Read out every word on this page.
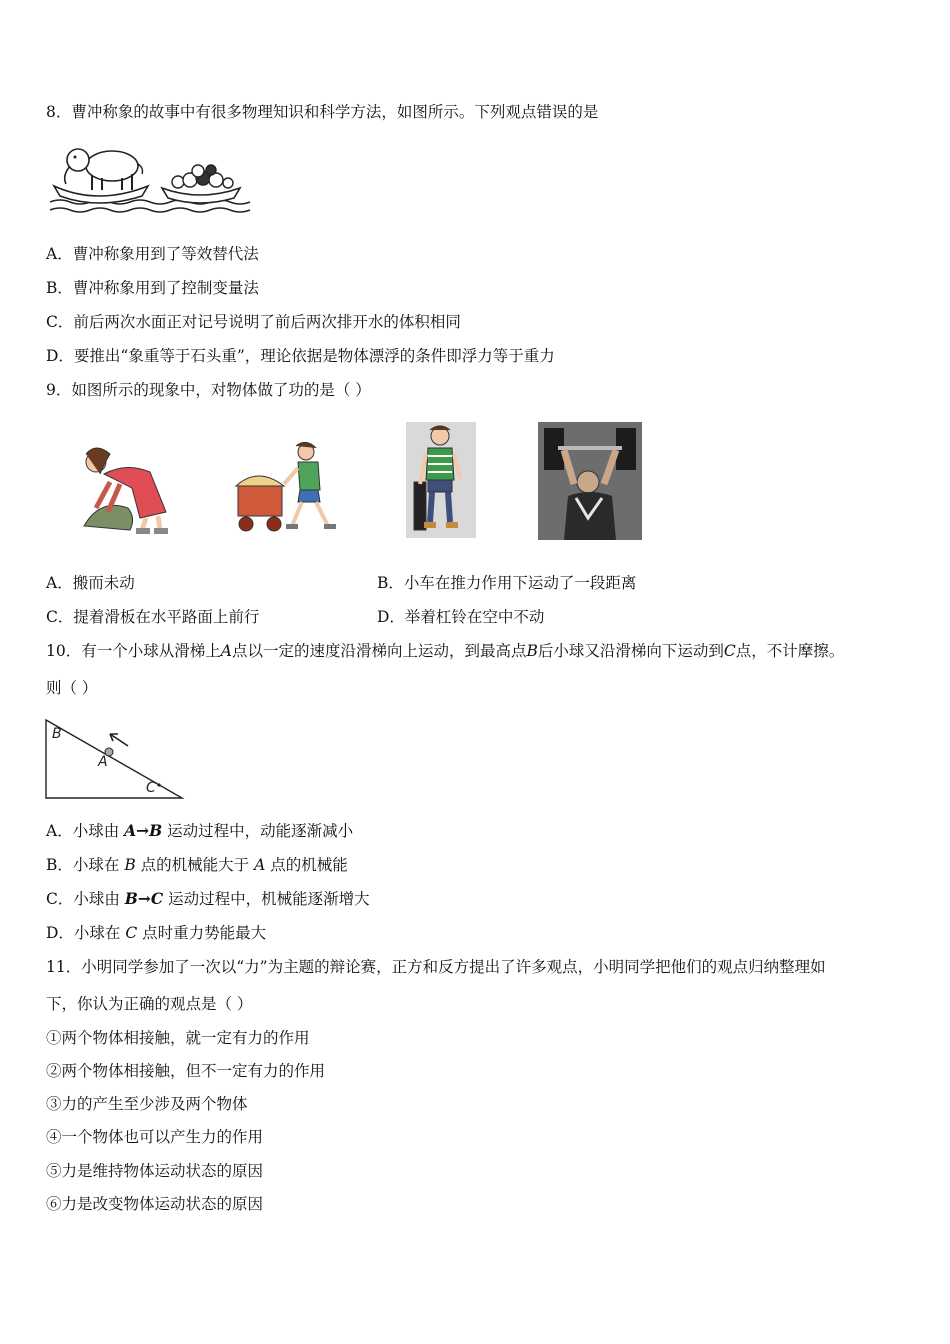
8．曹冲称象的故事中有很多物理知识和科学方法，如图所示。下列观点错误的是
A．曹冲称象用到了等效替代法
B．曹冲称象用到了控制变量法
C．前后两次水面正对记号说明了前后两次排开水的体积相同
D．要推出“象重等于石头重”，理论依据是物体漂浮的条件即浮力等于重力
9．如图所示的现象中，对物体做了功的是（ ）
A．搬而未动	B．小车在推力作用下运动了一段距离
C．提着滑板在水平路面上前行	D．举着杠铃在空中不动
10．有一个小球从滑梯上A点以一定的速度沿滑梯向上运动，到最高点B后小球又沿滑梯向下运动到C点，不计摩擦。
则（ ）
B
A
C
A．小球由 A→B 运动过程中，动能逐渐减小
B．小球在 B 点的机械能大于 A 点的机械能
C．小球由 B→C 运动过程中，机械能逐渐增大
D．小球在 C 点时重力势能最大
11．小明同学参加了一次以“力”为主题的辩论赛，正方和反方提出了许多观点，小明同学把他们的观点归纳整理如
下，你认为正确的观点是（ ）
①两个物体相接触，就一定有力的作用
②两个物体相接触，但不一定有力的作用
③力的产生至少涉及两个物体
④一个物体也可以产生力的作用
⑤力是维持物体运动状态的原因
⑥力是改变物体运动状态的原因
